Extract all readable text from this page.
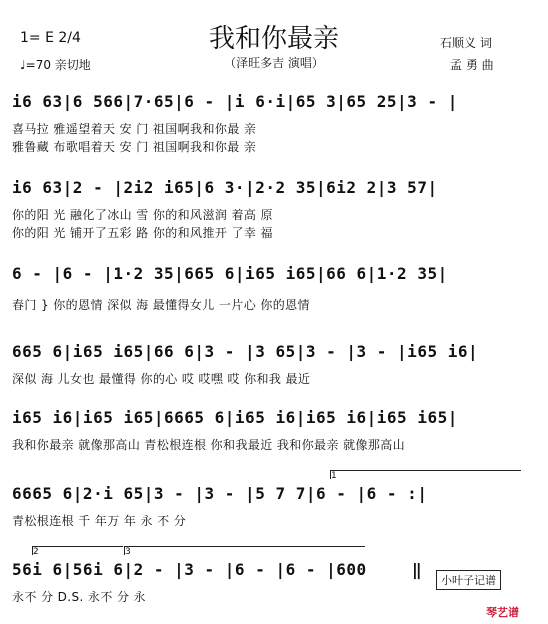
1= E 2/4
♩=70 亲切地
我和你最亲
（泽旺多吉 演唱）
石顺义 词
孟 勇 曲
i6 63|6 566|7·65|6 - |i 6·i|65 3|65 25|3 - |
喜马拉 雅遥望着天 安 门 祖国啊我和你最 亲
雅鲁藏 布歌唱着天 安 门 祖国啊我和你最 亲
i6 63|2 - |2i2 i65|6 3·|2·2 35|6i2 2|3 57|
你的阳 光 融化了冰山 雪 你的和风滋润 着高 原
你的阳 光 铺开了五彩 路 你的和风推开 了幸 福
6 - |6 - |1·2 35|665 6|i65 i65|66 6|1·2 35|
春门 } 你的恩情 深似 海 最懂得女儿 一片心 你的恩情
665 6|i65 i65|66 6|3 - |3 65|3 - |3 - |i65 i6|
深似 海 儿女也 最懂得 你的心 哎 哎嘿 哎 你和我 最近
i65 i6|i65 i65|6665 6|i65 i6|i65 i6|i65 i65|
我和你最亲 就像那高山 青松根连根 你和我最近 我和你最亲 就像那高山
1
6665 6|2·i 65|3 - |3 - |5 7 7|6 - |6 - :|
青松根连根 千 年万 年 永 不 分
2	3
56i 6|56i 6|2 - |3 - |6 - |6 - |600	‖
永不 分 D.S. 永不 分 永
小叶子记谱
琴艺谱
